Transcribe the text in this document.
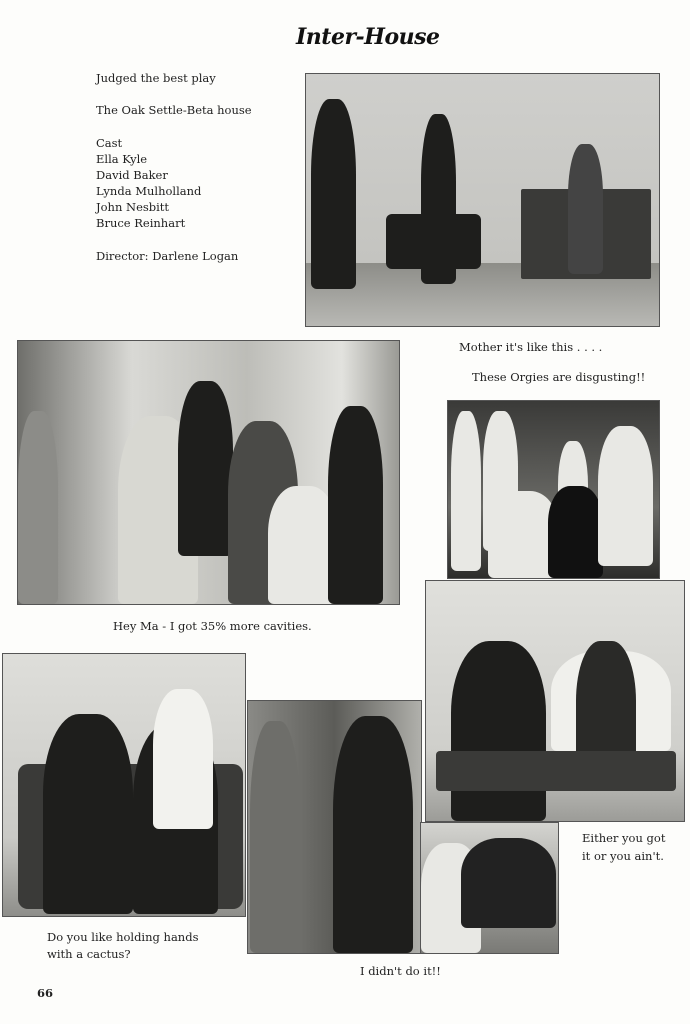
Inter-House
Judged the best play
The Oak Settle-Beta house
Cast
Ella Kyle
David Baker
Lynda Mulholland
John Nesbitt
Bruce Reinhart
Director: Darlene Logan
Mother it's like this . . . .
These Orgies are disgusting!!
Hey Ma - I got 35% more cavities.
Either you got
it or you ain't.
Do you like holding hands
with a cactus?
I didn't do it!!
66
